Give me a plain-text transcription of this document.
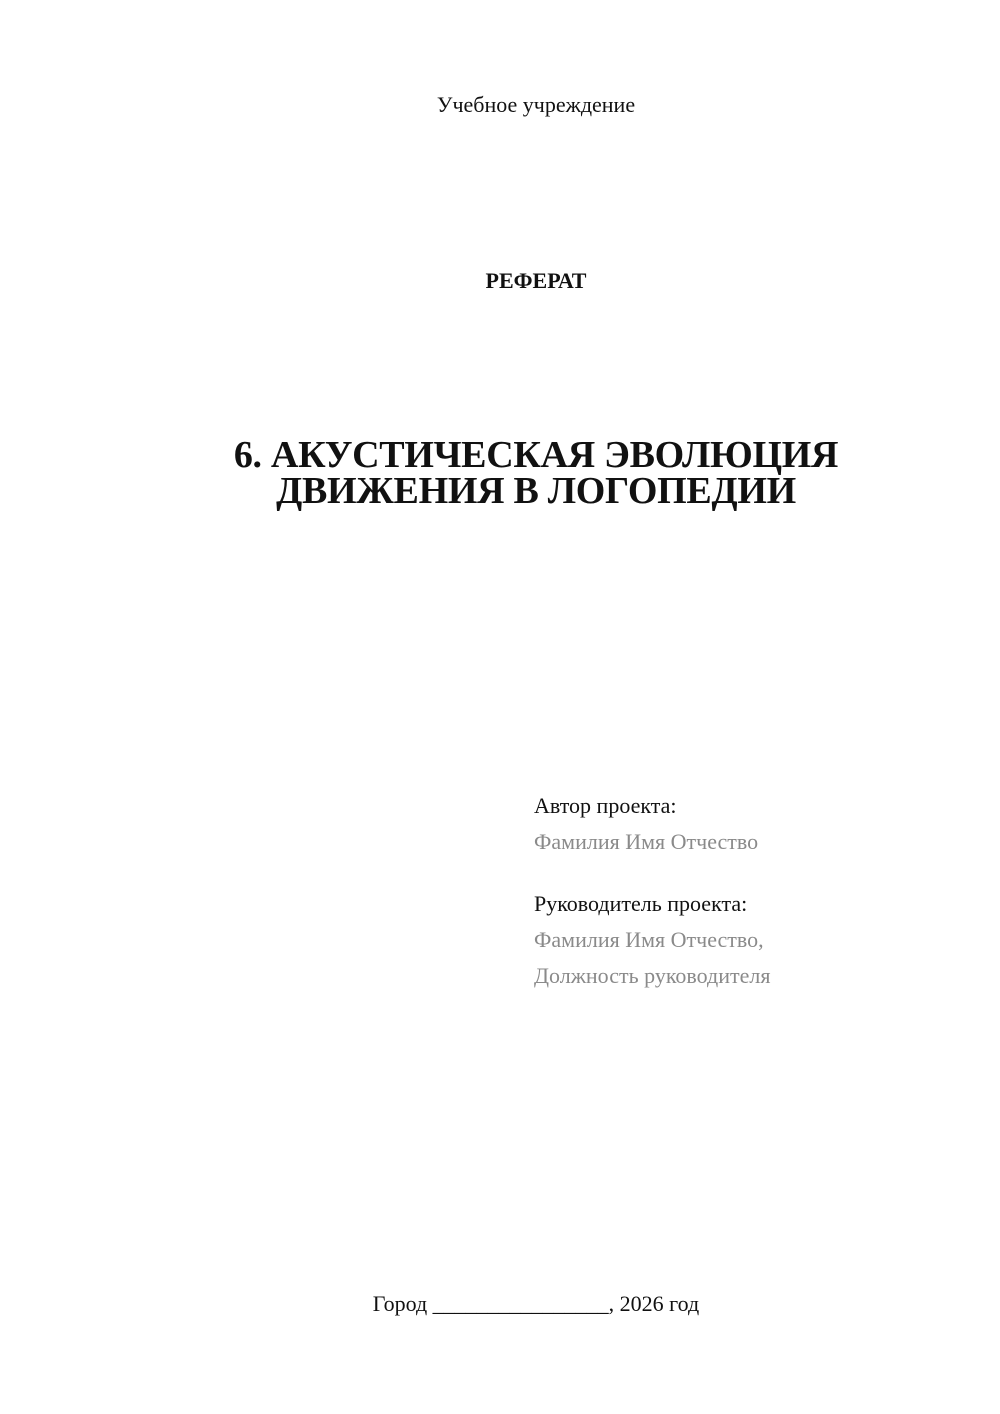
Учебное учреждение
РЕФЕРАТ
6. АКУСТИЧЕСКАЯ ЭВОЛЮЦИЯ
ДВИЖЕНИЯ В ЛОГОПЕДИИ
Автор проекта:
Фамилия Имя Отчество
Руководитель проекта:
Фамилия Имя Отчество,
Должность руководителя
Город ________________, 2026 год
